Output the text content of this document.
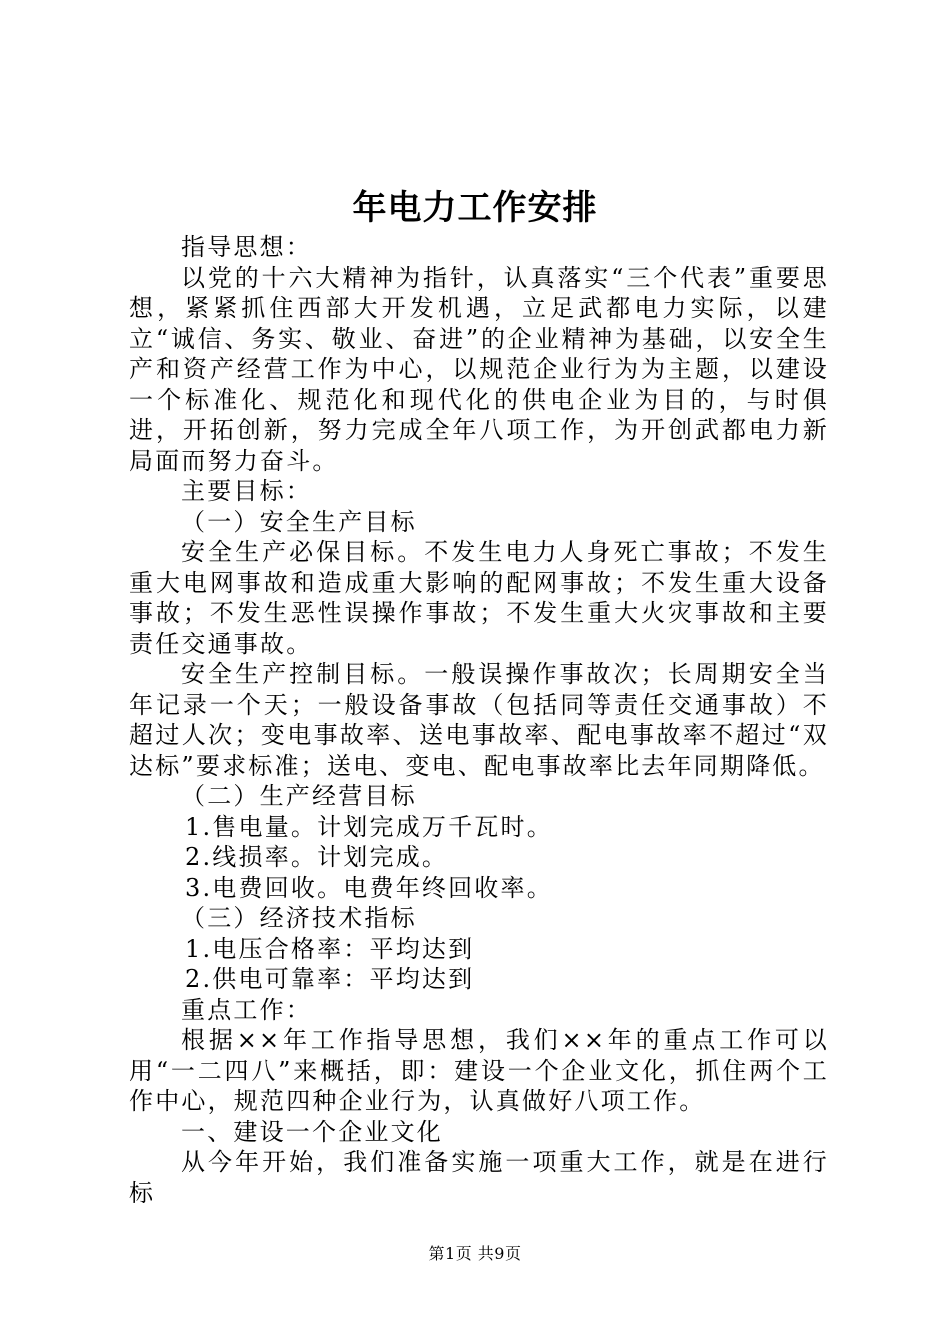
年电力工作安排

指导思想：

以党的十六大精神为指针，认真落实“三个代表”重要思想，紧紧抓住西部大开发机遇，立足武都电力实际，以建立“诚信、务实、敬业、奋进”的企业精神为基础，以安全生产和资产经营工作为中心，以规范企业行为为主题，以建设一个标准化、规范化和现代化的供电企业为目的，与时俱进，开拓创新，努力完成全年八项工作，为开创武都电力新局面而努力奋斗。

主要目标：

（一）安全生产目标

安全生产必保目标。不发生电力人身死亡事故；不发生重大电网事故和造成重大影响的配网事故；不发生重大设备事故；不发生恶性误操作事故；不发生重大火灾事故和主要责任交通事故。

安全生产控制目标。一般误操作事故次；长周期安全当年记录一个天；一般设备事故（包括同等责任交通事故）不超过人次；变电事故率、送电事故率、配电事故率不超过“双达标”要求标准；送电、变电、配电事故率比去年同期降低。

（二）生产经营目标

1.售电量。计划完成万千瓦时。

2.线损率。计划完成。

3.电费回收。电费年终回收率。

（三）经济技术指标

1.电压合格率：平均达到

2.供电可靠率：平均达到

重点工作：

根据××年工作指导思想，我们××年的重点工作可以用“一二四八”来概括，即：建设一个企业文化，抓住两个工作中心，规范四种企业行为，认真做好八项工作。

一、建设一个企业文化

从今年开始，我们准备实施一项重大工作，就是在进行标

第1页 共9页
